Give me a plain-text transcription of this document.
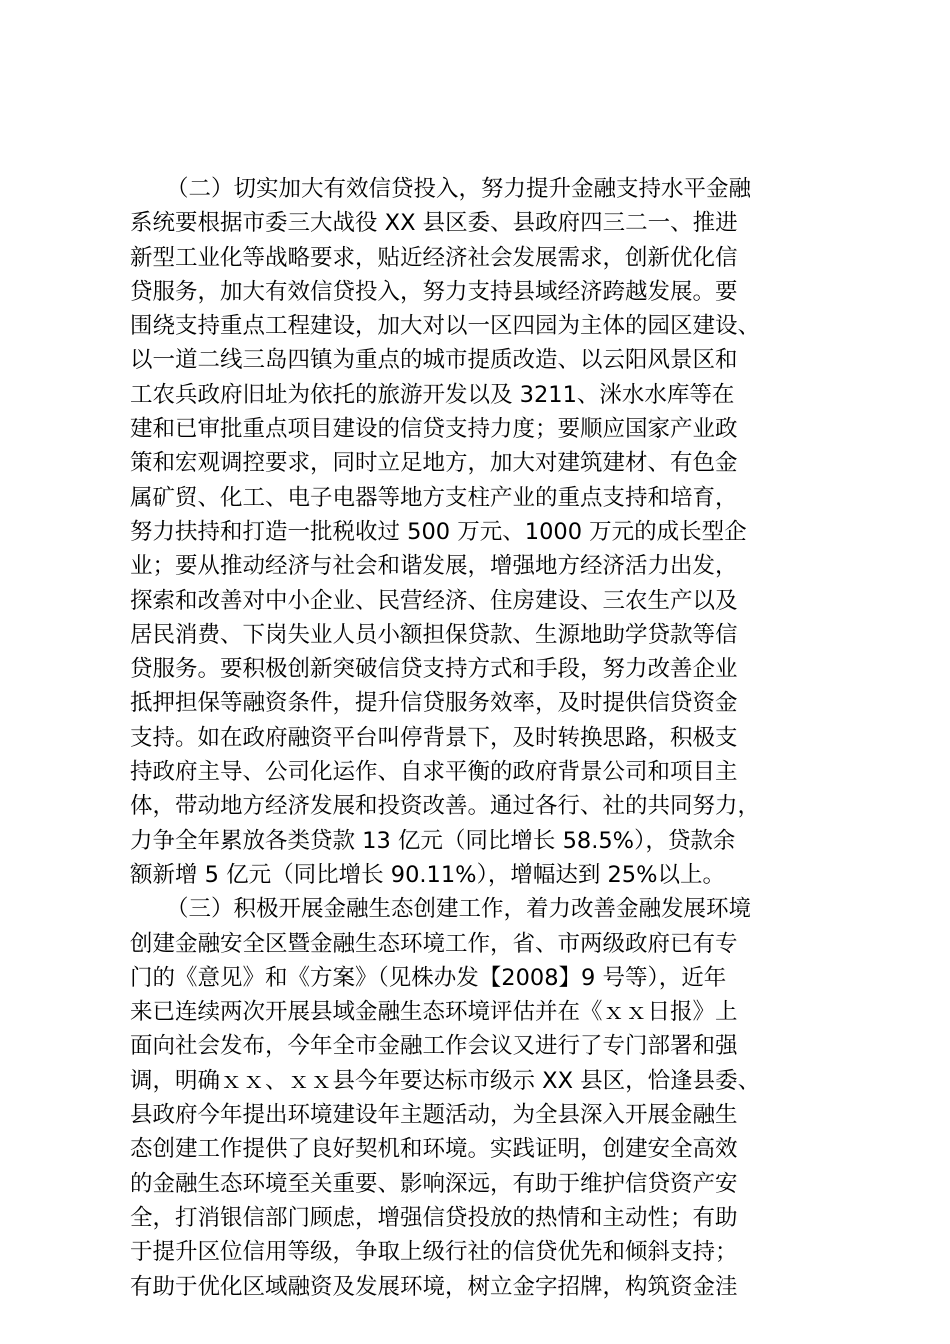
（二）切实加大有效信贷投入，努力提升金融支持水平金融
系统要根据市委三大战役 XX 县区委、县政府四三二一、推进
新型工业化等战略要求，贴近经济社会发展需求，创新优化信
贷服务，加大有效信贷投入，努力支持县域经济跨越发展。要
围绕支持重点工程建设，加大对以一区四园为主体的园区建设、
以一道二线三岛四镇为重点的城市提质改造、以云阳风景区和
工农兵政府旧址为依托的旅游开发以及 3211、洣水水库等在
建和已审批重点项目建设的信贷支持力度；要顺应国家产业政
策和宏观调控要求，同时立足地方，加大对建筑建材、有色金
属矿贸、化工、电子电器等地方支柱产业的重点支持和培育，
努力扶持和打造一批税收过 500 万元、1000 万元的成长型企
业；要从推动经济与社会和谐发展，增强地方经济活力出发，
探索和改善对中小企业、民营经济、住房建设、三农生产以及
居民消费、下岗失业人员小额担保贷款、生源地助学贷款等信
贷服务。要积极创新突破信贷支持方式和手段，努力改善企业
抵押担保等融资条件，提升信贷服务效率，及时提供信贷资金
支持。如在政府融资平台叫停背景下，及时转换思路，积极支
持政府主导、公司化运作、自求平衡的政府背景公司和项目主
体，带动地方经济发展和投资改善。通过各行、社的共同努力，
力争全年累放各类贷款 13 亿元（同比增长 58.5%），贷款余
额新增 5 亿元（同比增长 90.11%），增幅达到 25%以上。
（三）积极开展金融生态创建工作，着力改善金融发展环境
创建金融安全区暨金融生态环境工作，省、市两级政府已有专
门的《意见》和《方案》（见株办发【2008】9 号等），近年
来已连续两次开展县域金融生态环境评估并在《ｘｘ日报》上
面向社会发布，今年全市金融工作会议又进行了专门部署和强
调，明确ｘｘ、ｘｘ县今年要达标市级示 XX 县区，恰逢县委、
县政府今年提出环境建设年主题活动，为全县深入开展金融生
态创建工作提供了良好契机和环境。实践证明，创建安全高效
的金融生态环境至关重要、影响深远，有助于维护信贷资产安
全，打消银信部门顾虑，增强信贷投放的热情和主动性；有助
于提升区位信用等级，争取上级行社的信贷优先和倾斜支持；
有助于优化区域融资及发展环境，树立金字招牌，构筑资金洼
